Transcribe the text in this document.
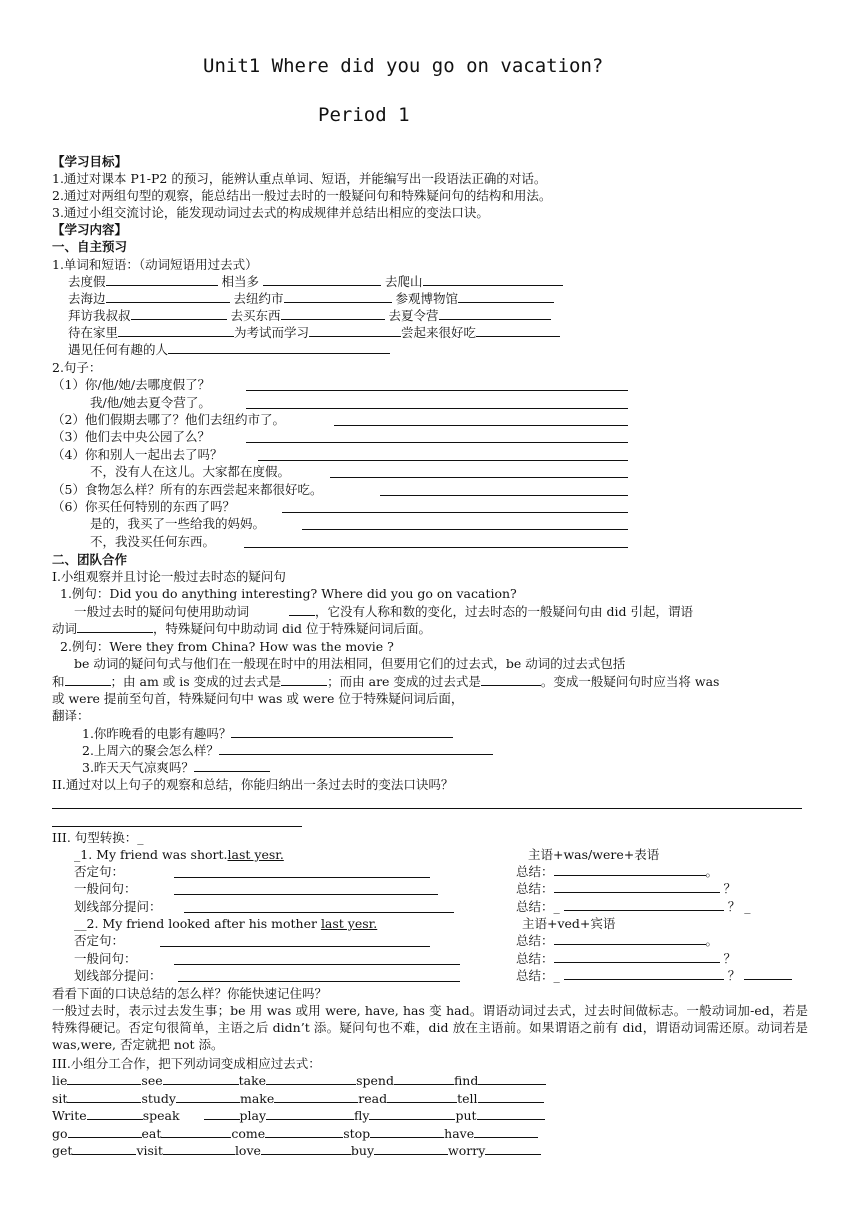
Unit1 Where did you go on vacation?
Period 1
【学习目标】
1.通过对课本 P1-P2 的预习，能辨认重点单词、短语，并能编写出一段语法正确的对话。
2.通过对两组句型的观察，能总结出一般过去时的一般疑问句和特殊疑问句的结构和用法。
3.通过小组交流讨论，能发现动词过去式的构成规律并总结出相应的变法口诀。
【学习内容】
一、自主预习
1.单词和短语：（动词短语用过去式）
去度假	相当多	去爬山
去海边	去纽约市	参观博物馆
拜访我叔叔	去买东西	去夏令营
待在家里	为考试而学习	尝起来很好吃
遇见任何有趣的人
2.句子：
（1）你/他/她/去哪度假了？
我/他/她去夏令营了。
（2）他们假期去哪了？他们去纽约市了。
（3）他们去中央公园了么？
（4）你和别人一起出去了吗？
不，没有人在这儿。大家都在度假。
（5）食物怎么样？所有的东西尝起来都很好吃。
（6）你买任何特别的东西了吗？
是的，我买了一些给我的妈妈。
不，我没买任何东西。
二、团队合作
I.小组观察并且讨论一般过去时态的疑问句
1.例句：Did you do anything interesting? Where did you go on vacation?
一般过去时的疑问句使用助动词	，它没有人称和数的变化，过去时态的一般疑问句由 did 引起，谓语
动词	，特殊疑问句中助动词 did 位于特殊疑问词后面。
2.例句：Were they from China? How was the movie ?
be 动词的疑问句式与他们在一般现在时中的用法相同，但要用它们的过去式，be 动词的过去式包括
和	；由 am 或 is 变成的过去式是	；而由 are 变成的过去式是	。变成一般疑问句时应当将 was
或 were 提前至句首，特殊疑问句中 was 或 were 位于特殊疑问词后面，
翻译：
1.你昨晚看的电影有趣吗？
2.上周六的聚会怎么样？
3.昨天天气凉爽吗？
II.通过对以上句子的观察和总结，你能归纳出一条过去时的变法口诀吗？
III. 句型转换：_
_1. My friend was short.last yesr.	主语+was/were+表语
否定句：	总结：	。
一般问句：	总结：	？
划线部分提问：	总结：_	？ _
__2. My friend looked after his mother last yesr.	主语+ved+宾语
否定句：	总结：	。
一般问句：	总结：	？
划线部分提问：	总结：_	？
看看下面的口诀总结的怎么样？你能快速记住吗？
一般过去时，表示过去发生事；be 用 was 或用 were, have, has 变 had。谓语动词过去式，过去时间做标志。一般动词加-ed，若是特殊得硬记。否定句很简单，主语之后 didn’t 添。疑问句也不难，did 放在主语前。如果谓语之前有 did，谓语动词需还原。动词若是 was,were, 否定就把 not 添。
III.小组分工合作，把下列动词变成相应过去式：
lie	see	take	spend	find
sit	study	make	read	tell
Write	speak	play	fly	put
go	eat	come	stop	have
get	visit	love	buy	worry
